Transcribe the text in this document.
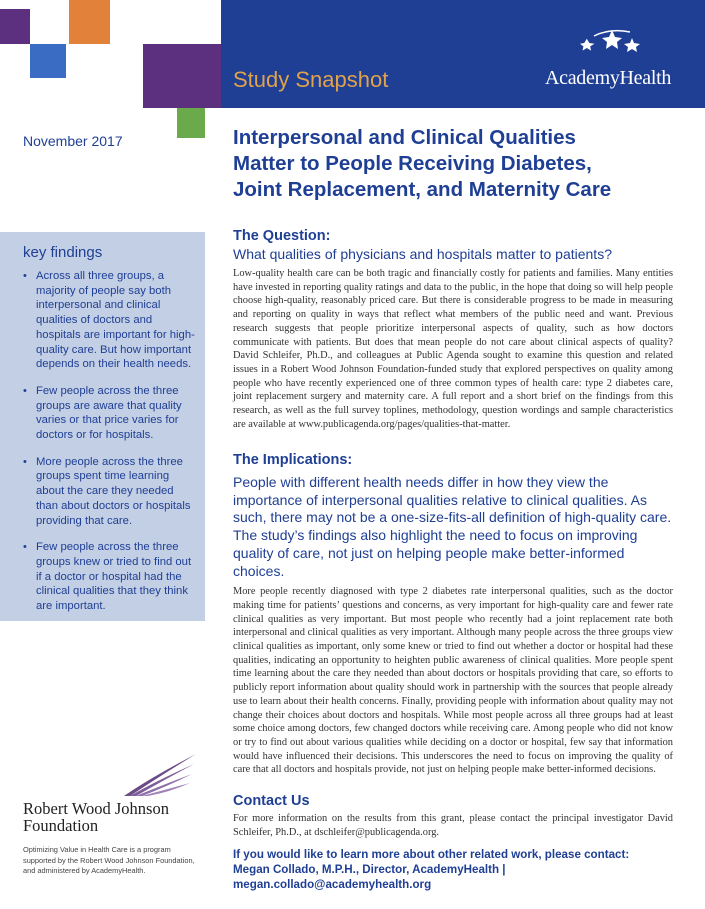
Study Snapshot	AcademyHealth
November 2017	Interpersonal and Clinical Qualities
Matter to People Receiving Diabetes,
Joint Replacement, and Maternity Care
key findings
• Across all three groups, a majority of people say both interpersonal and clinical qualities of doctors and hospitals are important for high-quality care. But how important depends on their health needs.
• Few people across the three groups are aware that quality varies or that price varies for doctors or for hospitals.
• More people across the three groups spent time learning about the care they needed than about doctors or hospitals providing that care.
• Few people across the three groups knew or tried to find out if a doctor or hospital had the clinical qualities that they think are important.
The Question:
What qualities of physicians and hospitals matter to patients?

Low-quality health care can be both tragic and financially costly for patients and families. Many entities have invested in reporting quality ratings and data to the public, in the hope that doing so will help people choose high-quality, reasonably priced care. But there is considerable progress to be made in measuring and reporting on quality in ways that reflect what members of the public need and want. Previous research suggests that people prioritize interpersonal aspects of quality, such as how doctors communicate with patients. But does that mean people do not care about clinical aspects of quality? David Schleifer, Ph.D., and colleagues at Public Agenda sought to examine this question and related issues in a Robert Wood Johnson Foundation-funded study that explored perspectives on quality among people who have recently experienced one of three common types of health care: type 2 diabetes care, joint replacement surgery and maternity care. A full report and a short brief on the findings from this research, as well as the full survey toplines, methodology, question wordings and sample characteristics are available at www.publicagenda.org/pages/qualities-that-matter.

The Implications:
People with different health needs differ in how they view the importance of interpersonal qualities relative to clinical qualities. As such, there may not be a one-size-fits-all definition of high-quality care. The study’s findings also highlight the need to focus on improving quality of care, not just on helping people make better-informed choices.

More people recently diagnosed with type 2 diabetes rate interpersonal qualities, such as the doctor making time for patients’ questions and concerns, as very important for high-quality care and fewer rate clinical qualities as very important. But most people who recently had a joint replacement rate both interpersonal and clinical qualities as very important. Although many people across the three groups view clinical qualities as important, only some knew or tried to find out whether a doctor or hospital had these qualities, indicating an opportunity to heighten public awareness of clinical qualities. More people spent time learning about the care they needed than about doctors or hospitals providing that care, so efforts to publicly report information about quality should work in partnership with the sources that people already use to learn about their health concerns. Finally, providing people with information about quality may not change their choices about doctors and hospitals. While most people across all three groups had at least some choice among doctors, few changed doctors while receiving care. Among people who did not know or try to find out about various qualities while deciding on a doctor or hospital, few say that information would have influenced their decisions. This underscores the need to focus on improving the quality of care that all doctors and hospitals provide, not just on helping people make better-informed decisions.

Contact Us

For more information on the results from this grant, please contact the principal investigator David Schleifer, Ph.D., at dschleifer@publicagenda.org.

If you would like to learn more about other related work, please contact:
Megan Collado, M.P.H., Director, AcademyHealth | megan.collado@academyhealth.org
Robert Wood Johnson
Foundation
Optimizing Value in Health Care is a program supported by the Robert Wood Johnson Foundation, and administered by AcademyHealth.
